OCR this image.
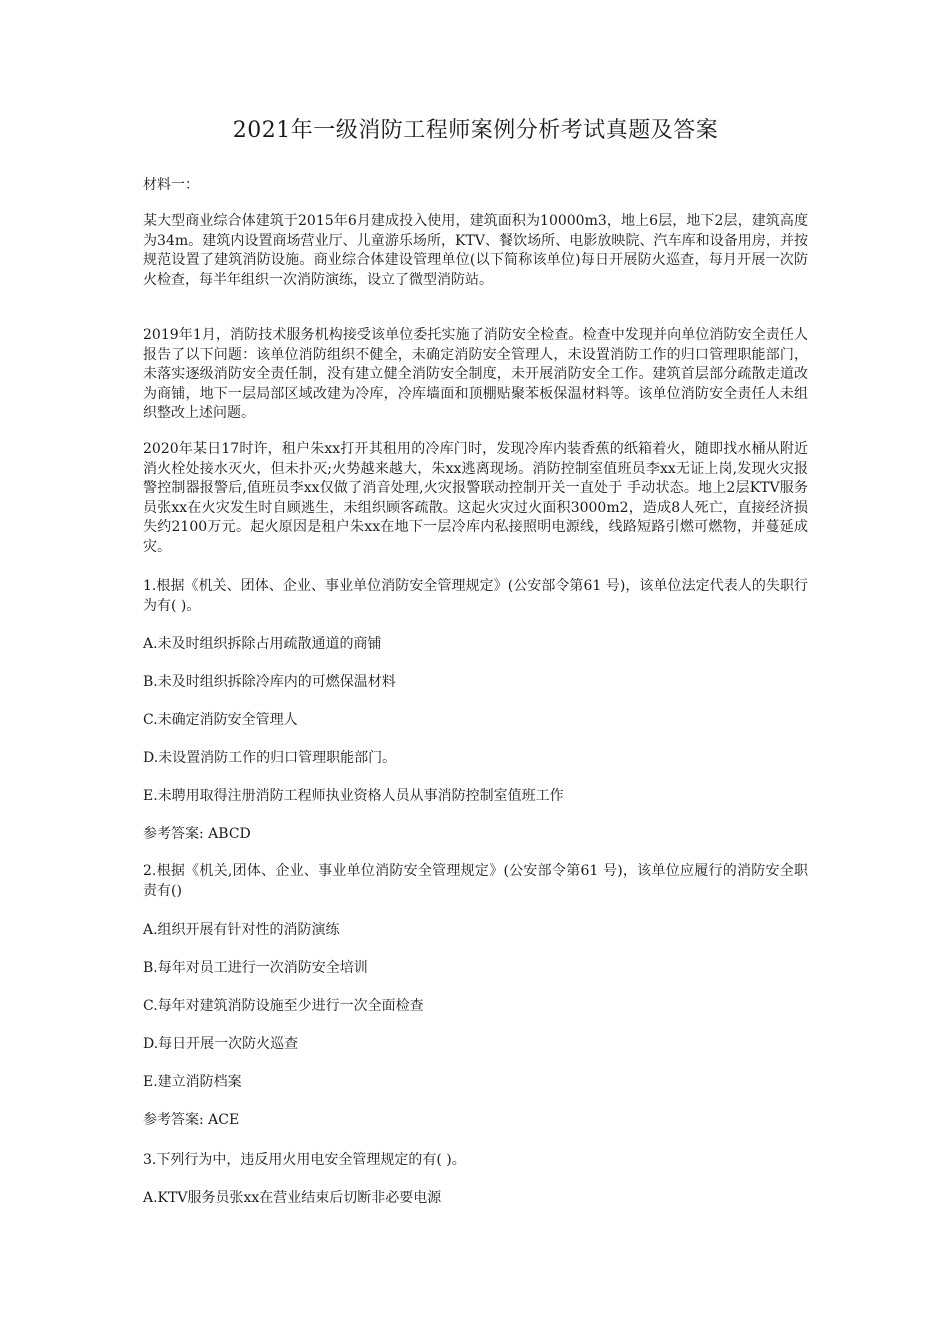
2021年一级消防工程师案例分析考试真题及答案
材料一：
某大型商业综合体建筑于2015年6月建成投入使用，建筑面积为10000m3，地上6层，地下2层，建筑高度为34m。建筑内设置商场营业厅、儿童游乐场所，KTV、餐饮场所、电影放映院、汽车库和设备用房，并按规范设置了建筑消防设施。商业综合体建设管理单位(以下简称该单位)每日开展防火巡查，每月开展一次防火检查，每半年组织一次消防演练，设立了微型消防站。
2019年1月，消防技术服务机构接受该单位委托实施了消防安全检查。检查中发现并向单位消防安全责任人报告了以下问题：该单位消防组织不健全，未确定消防安全管理人，未设置消防工作的归口管理职能部门，未落实逐级消防安全责任制，没有建立健全消防安全制度，未开展消防安全工作。建筑首层部分疏散走道改为商铺，地下一层局部区域改建为冷库，冷库墙面和顶棚贴聚苯板保温材料等。该单位消防安全责任人未组织整改上述问题。
2020年某日17时许，租户朱xx打开其租用的冷库门时，发现冷库内装香蕉的纸箱着火，随即找水桶从附近消火栓处接水灭火，但未扑灭;火势越来越大，朱xx逃离现场。消防控制室值班员李xx无证上岗,发现火灾报警控制器报警后,值班员李xx仅做了消音处理,火灾报警联动控制开关一直处于 手动状态。地上2层KTV服务员张xx在火灾发生时自顾逃生，未组织顾客疏散。这起火灾过火面积3000m2，造成8人死亡，直接经济损失约2100万元。起火原因是租户朱xx在地下一层冷库内私接照明电源线，线路短路引燃可燃物，并蔓延成灾。
1.根据《机关、团体、企业、事业单位消防安全管理规定》(公安部令第61 号)，该单位法定代表人的失职行为有( )。
A.未及时组织拆除占用疏散通道的商铺
B.未及时组织拆除冷库内的可燃保温材料
C.未确定消防安全管理人
D.未设置消防工作的归口管理职能部门。
E.未聘用取得注册消防工程师执业资格人员从事消防控制室值班工作
参考答案: ABCD
2.根据《机关,团体、企业、事业单位消防安全管理规定》(公安部令第61 号)，该单位应履行的消防安全职责有()
A.组织开展有针对性的消防演练
B.每年对员工进行一次消防安全培训
C.每年对建筑消防设施至少进行一次全面检查
D.每日开展一次防火巡查
E.建立消防档案
参考答案: ACE
3.下列行为中，违反用火用电安全管理规定的有( )。
A.KTV服务员张xx在营业结束后切断非必要电源
